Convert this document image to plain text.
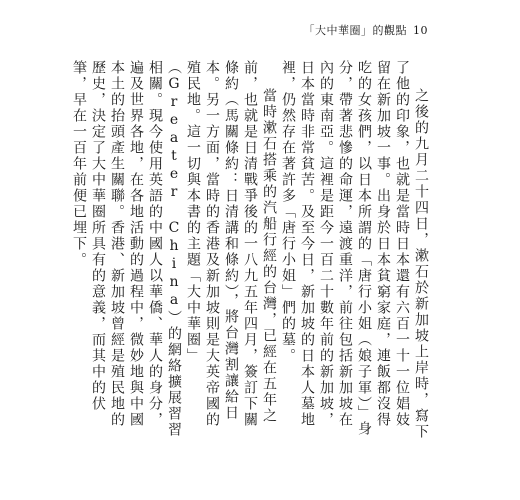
「大中華圈」的觀點 10

之後的九月二十四日，漱石於新加坡上岸時，寫下了他的印象，也就是當時日本還有六百一十一位娼妓留在新加坡一事。出身於日本貧窮家庭，連飯都沒得吃的女孩們，以日本所謂的「唐行小姐（娘子軍）」身分，帶著悲慘的命運，遠渡重洋，前往包括新加坡在內的東南亞。這裡是距今一百二十數年前的新加坡，日本當時非常貧苦。及至今日，新加坡的日本人墓地裡，仍然存在著許多「唐行小姐」們的墓。

當時漱石搭乘的汽船行經的台灣，已經在五年之前，也就是日清戰爭後的一八九五年四月，簽訂下關條約（馬關條約：日清講和條約），將台灣割讓給日本。另一方面，當時的香港及新加坡則是大英帝國的殖民地。這一切與本書的主題「大中華圈」（Greater China）的網絡擴展習習相關。現今使用英語的中國人以華僑、華人的身分，遍及世界各地，在各地活動的過程中，微妙地與中國本土的抬頭產生關聯。香港、新加坡曾經是殖民地的歷史，決定了大中華圈所具有的意義，而其中的伏筆，早在一百年前便已埋下。
